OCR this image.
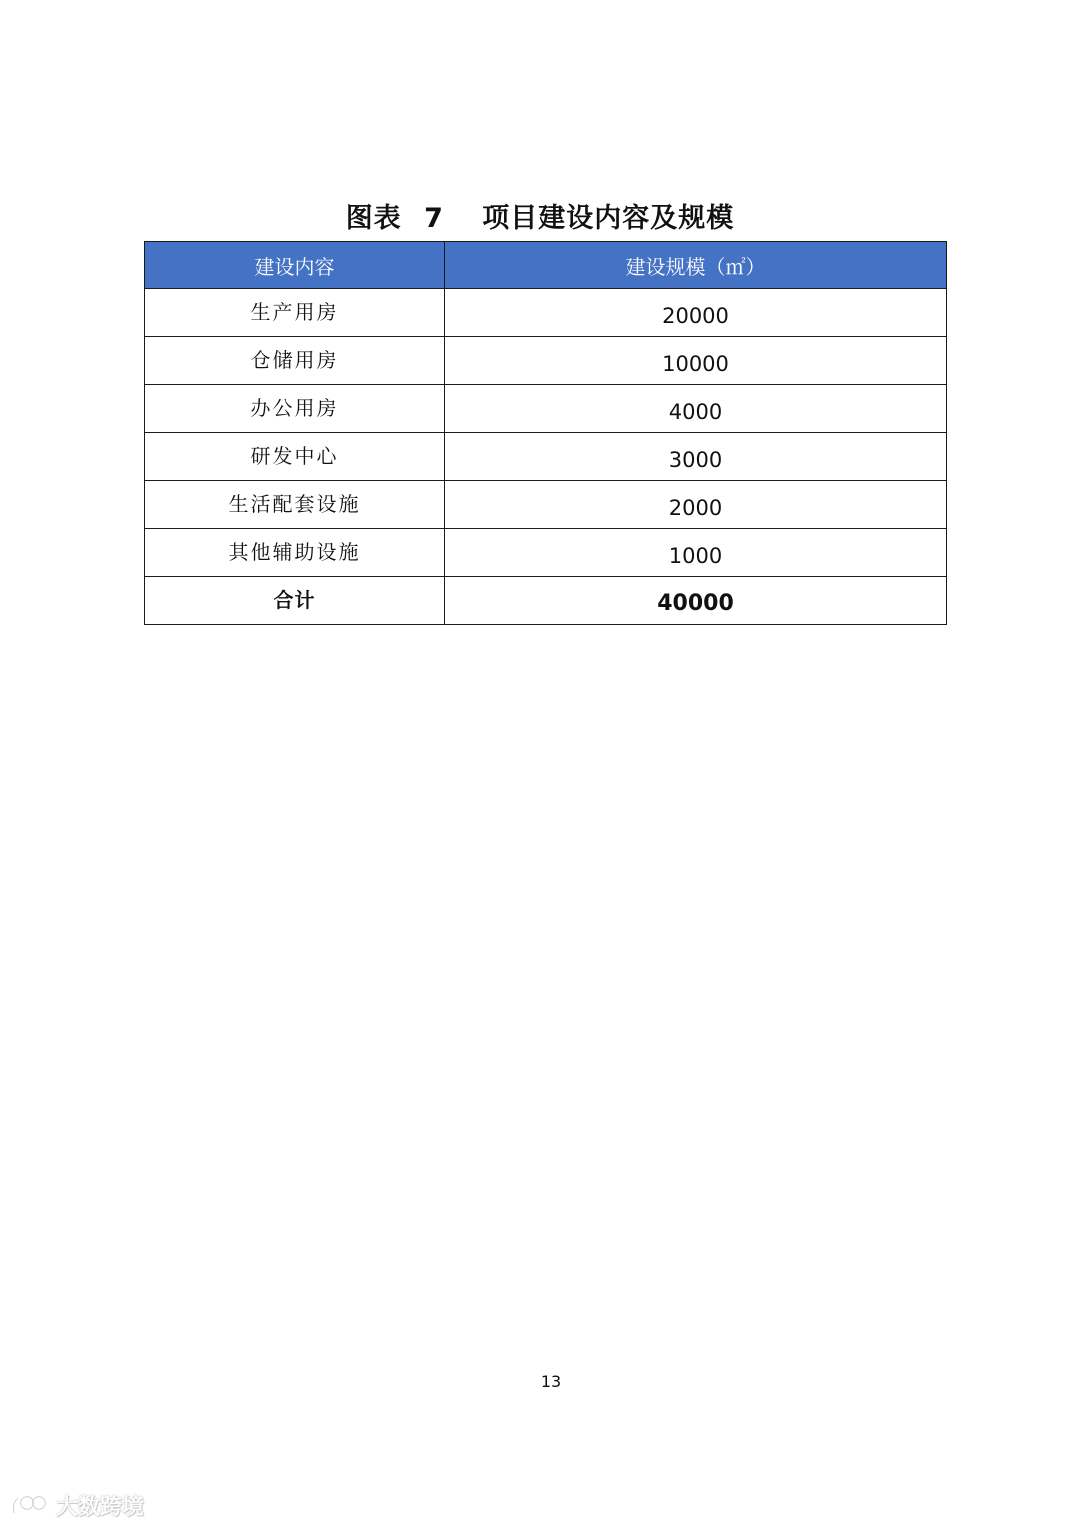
图表 7 项目建设内容及规模
建设内容	建设规模（㎡）
生产用房	20000
仓储用房	10000
办公用房	4000
研发中心	3000
生活配套设施	2000
其他辅助设施	1000
合计	40000
13
大数跨境
